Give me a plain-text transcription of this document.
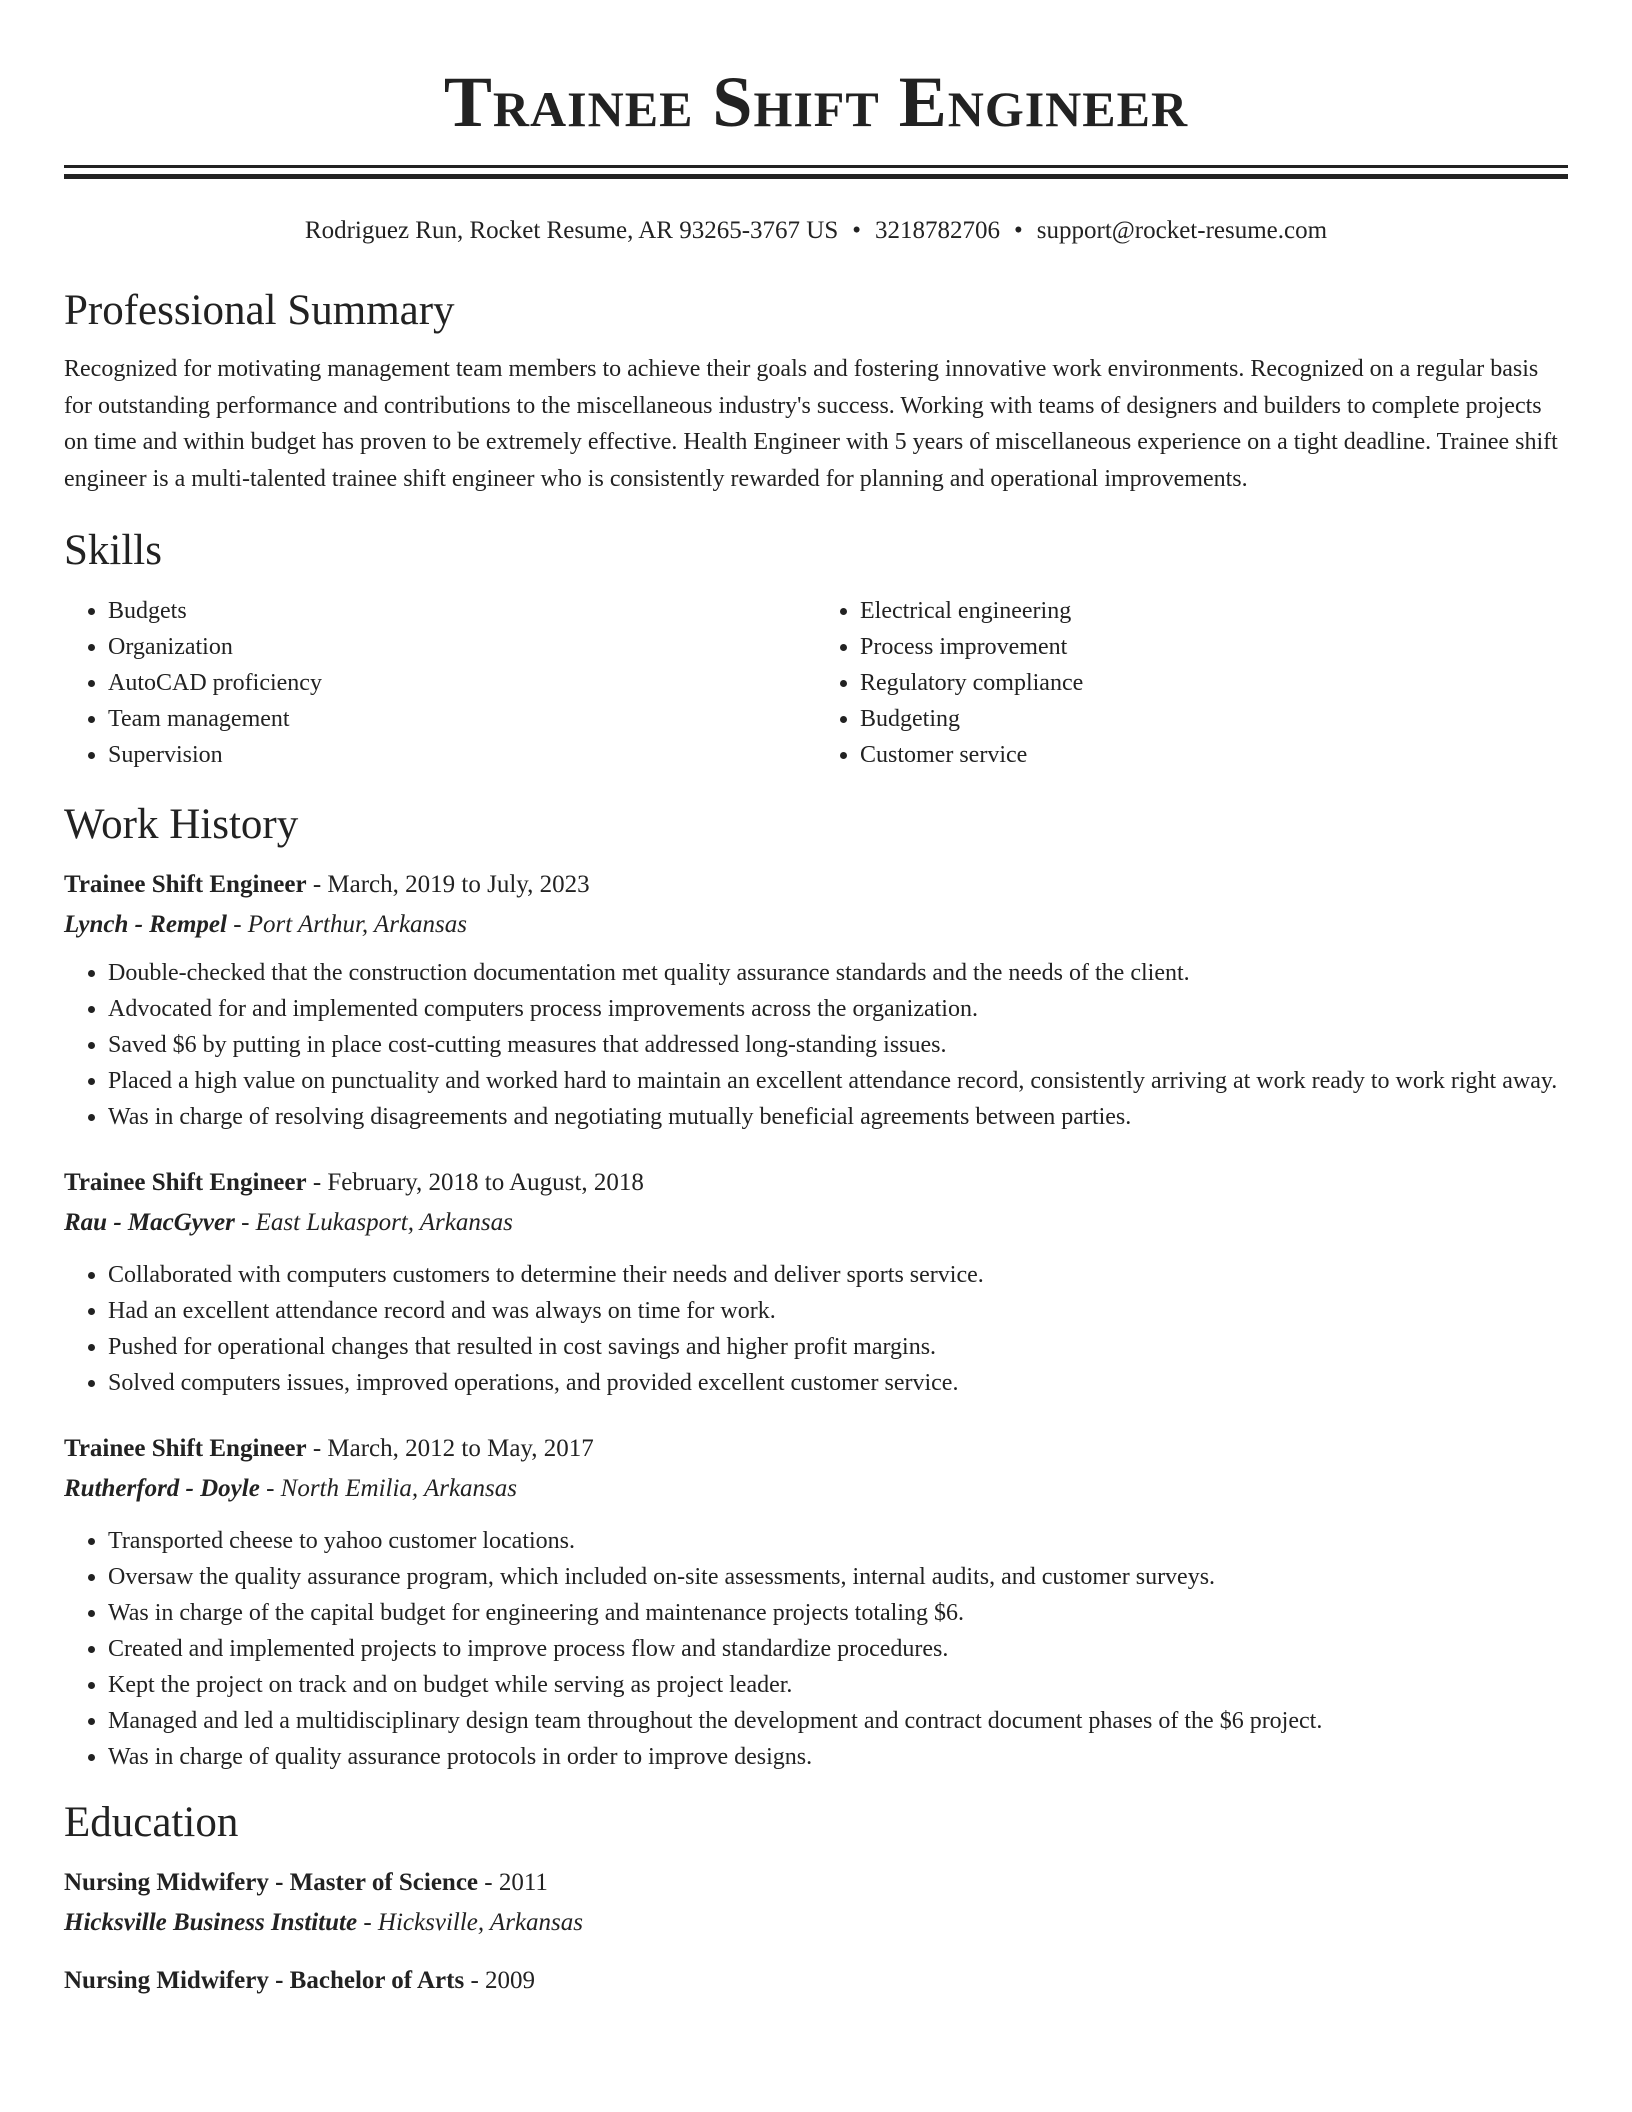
Trainee Shift Engineer
Rodriguez Run, Rocket Resume, AR 93265-3767 US • 3218782706 • support@rocket-resume.com
Professional Summary

Recognized for motivating management team members to achieve their goals and fostering innovative work environments. Recognized on a regular basis for outstanding performance and contributions to the miscellaneous industry's success. Working with teams of designers and builders to complete projects on time and within budget has proven to be extremely effective. Health Engineer with 5 years of miscellaneous experience on a tight deadline. Trainee shift engineer is a multi-talented trainee shift engineer who is consistently rewarded for planning and operational improvements.

Skills
• Budgets
• Organization
• AutoCAD proficiency
• Team management
• Supervision
• Electrical engineering
• Process improvement
• Regulatory compliance
• Budgeting
• Customer service
Work History
Trainee Shift Engineer - March, 2019 to July, 2023
Lynch - Rempel - Port Arthur, Arkansas
• Double-checked that the construction documentation met quality assurance standards and the needs of the client.
• Advocated for and implemented computers process improvements across the organization.
• Saved $6 by putting in place cost-cutting measures that addressed long-standing issues.
• Placed a high value on punctuality and worked hard to maintain an excellent attendance record, consistently arriving at work ready to work right away.
• Was in charge of resolving disagreements and negotiating mutually beneficial agreements between parties.
Trainee Shift Engineer - February, 2018 to August, 2018
Rau - MacGyver - East Lukasport, Arkansas
• Collaborated with computers customers to determine their needs and deliver sports service.
• Had an excellent attendance record and was always on time for work.
• Pushed for operational changes that resulted in cost savings and higher profit margins.
• Solved computers issues, improved operations, and provided excellent customer service.
Trainee Shift Engineer - March, 2012 to May, 2017
Rutherford - Doyle - North Emilia, Arkansas
• Transported cheese to yahoo customer locations.
• Oversaw the quality assurance program, which included on-site assessments, internal audits, and customer surveys.
• Was in charge of the capital budget for engineering and maintenance projects totaling $6.
• Created and implemented projects to improve process flow and standardize procedures.
• Kept the project on track and on budget while serving as project leader.
• Managed and led a multidisciplinary design team throughout the development and contract document phases of the $6 project.
• Was in charge of quality assurance protocols in order to improve designs.
Education
Nursing Midwifery - Master of Science - 2011
Hicksville Business Institute - Hicksville, Arkansas
Nursing Midwifery - Bachelor of Arts - 2009
